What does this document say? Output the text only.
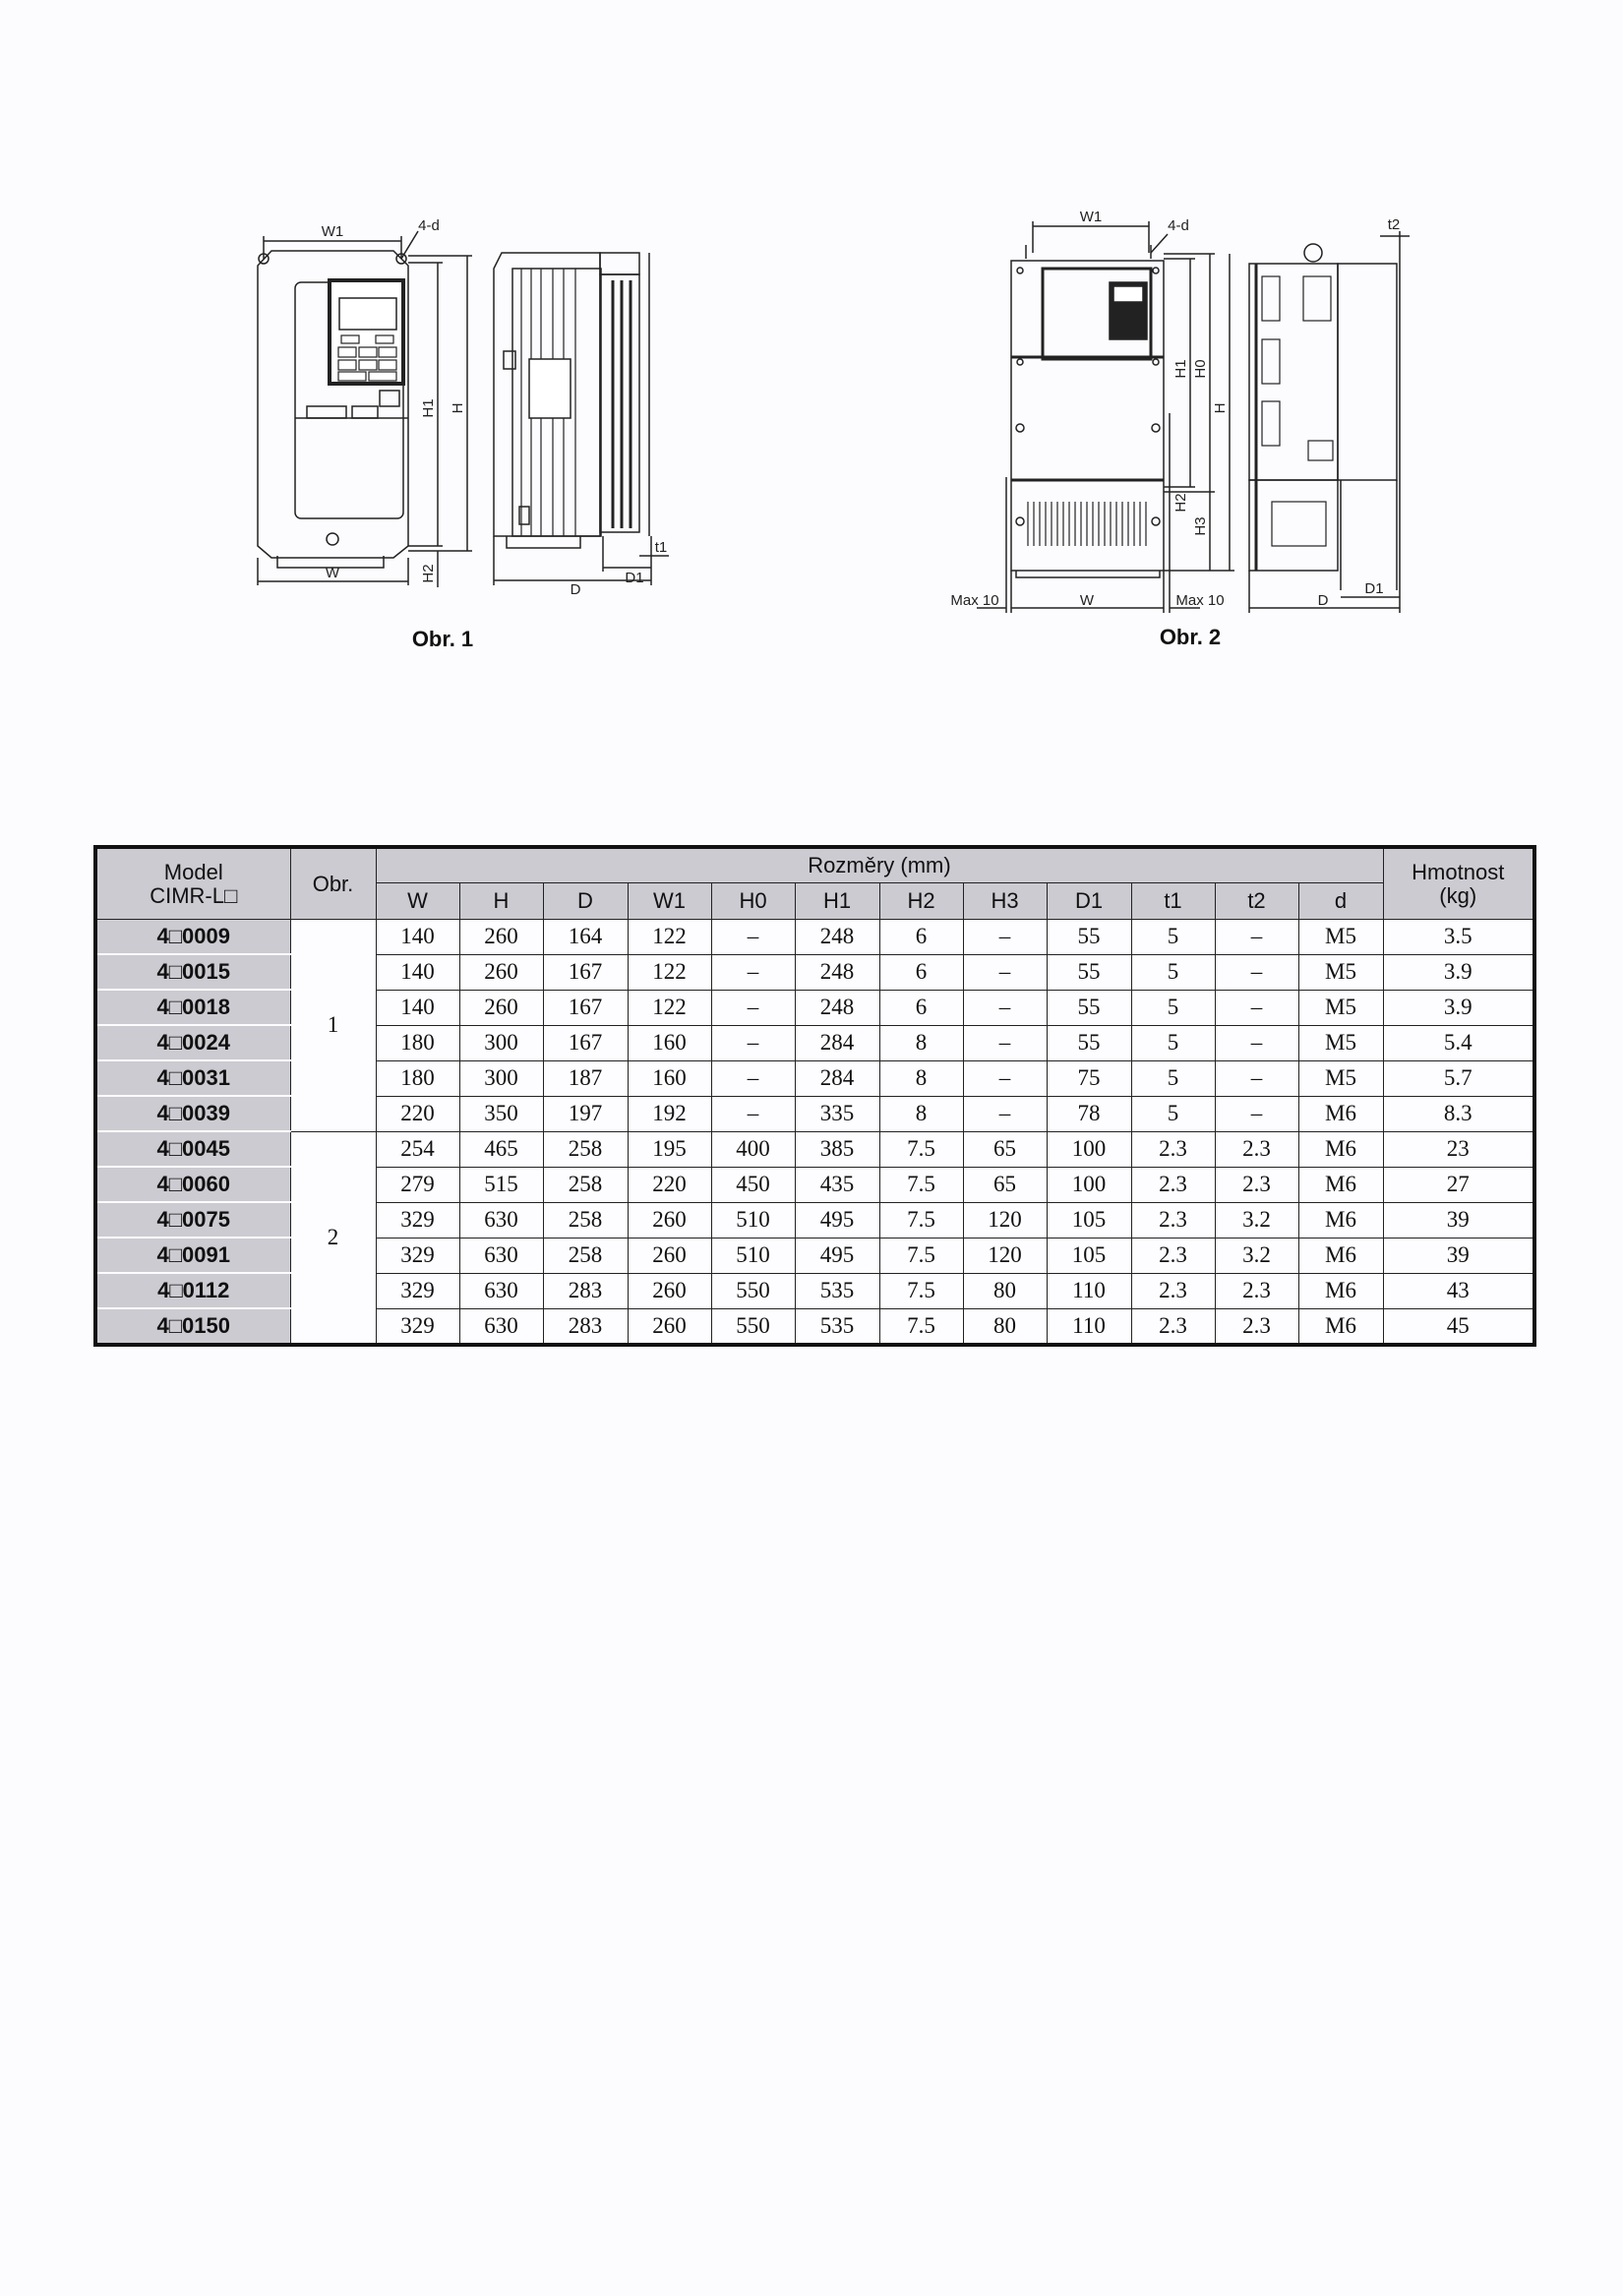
W1	4-d
W
H1 H
H2
D
D1
t1
Obr. 1
W1
4-d	t2
H1 H0
H
H2
H3
Max 10	W	Max 10	D
D1
Obr. 2
Model
CIMR-L□	Obr.	Rozměry (mm)	Hmotnost
(kg)

		W	H	D	W1	H0	H1	H2	H3	D1	t1	t2	d	
4□0009	1	140	260	164	122	–	248	6	–	55	5	–	M5	3.5
4□0015		140	260	167	122	–	248	6	–	55	5	–	M5	3.9
4□0018		140	260	167	122	–	248	6	–	55	5	–	M5	3.9
4□0024		180	300	167	160	–	284	8	–	55	5	–	M5	5.4
4□0031		180	300	187	160	–	284	8	–	75	5	–	M5	5.7
4□0039		220	350	197	192	–	335	8	–	78	5	–	M6	8.3
4□0045	2	254	465	258	195	400	385	7.5	65	100	2.3	2.3	M6	23
4□0060		279	515	258	220	450	435	7.5	65	100	2.3	2.3	M6	27
4□0075		329	630	258	260	510	495	7.5	120	105	2.3	3.2	M6	39
4□0091		329	630	258	260	510	495	7.5	120	105	2.3	3.2	M6	39
4□0112		329	630	283	260	550	535	7.5	80	110	2.3	2.3	M6	43
4□0150		329	630	283	260	550	535	7.5	80	110	2.3	2.3	M6	45
